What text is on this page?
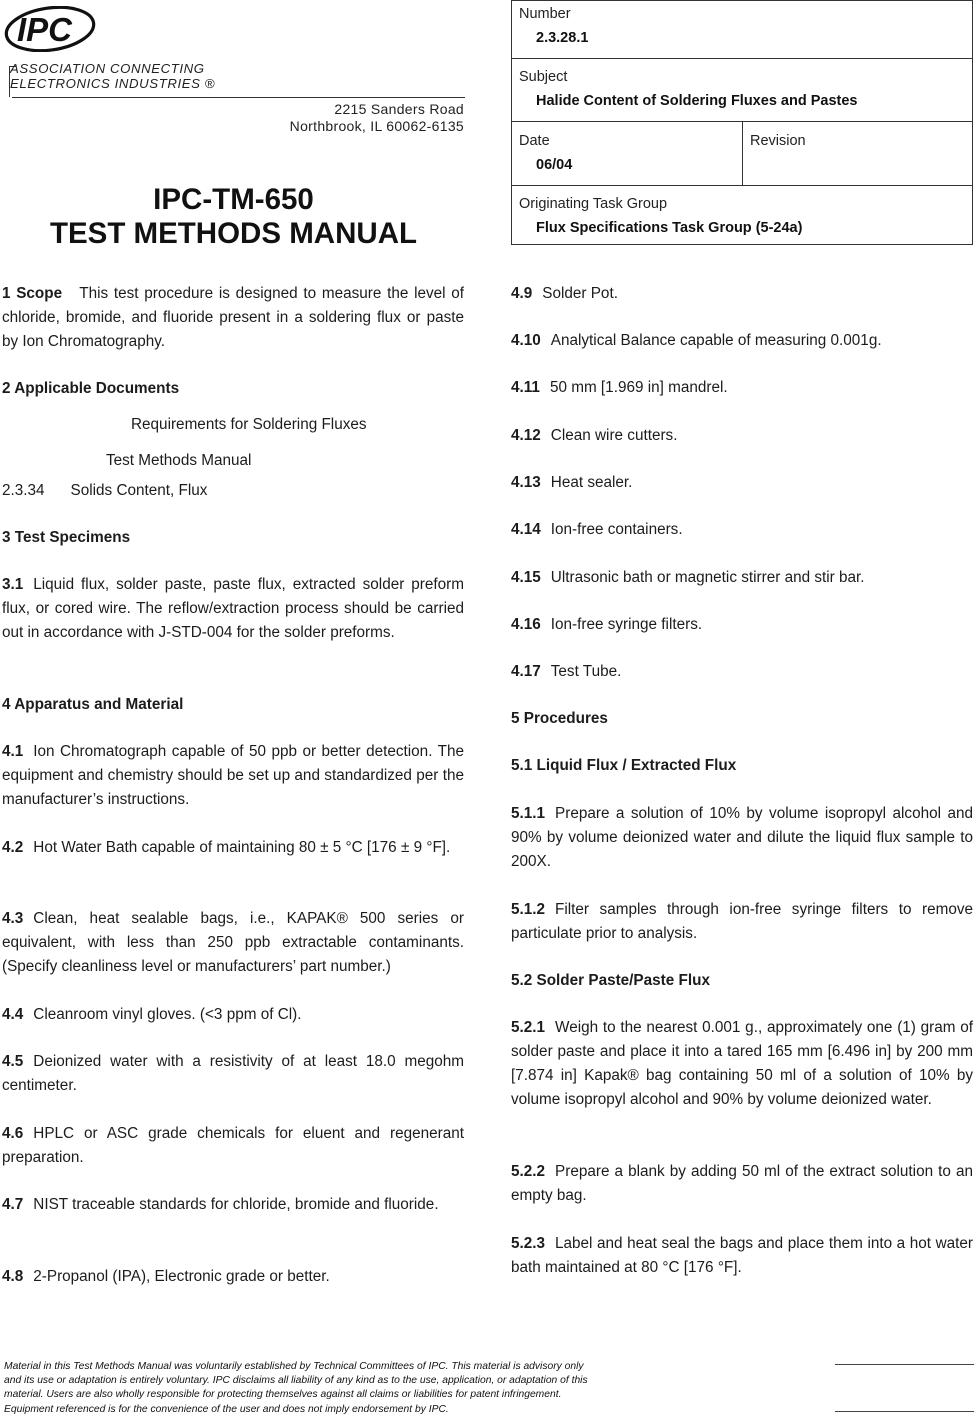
IPC
ASSOCIATION CONNECTING
ELECTRONICS INDUSTRIES ®
2215 Sanders Road
Northbrook, IL 60062-6135
IPC-TM-650
TEST METHODS MANUAL
Number
2.3.28.1
Subject
Halide Content of Soldering Fluxes and Pastes
Date
06/04
Revision
Originating Task Group
Flux Specifications Task Group (5-24a)

1 Scope This test procedure is designed to measure the level of chloride, bromide, and fluoride present in a soldering flux or paste by Ion Chromatography.

2 Applicable Documents
Requirements for Soldering Fluxes
Test Methods Manual
2.3.34 Solids Content, Flux
3 Test Specimens
3.1 Liquid flux, solder paste, paste flux, extracted solder preform flux, or cored wire. The reflow/extraction process should be carried out in accordance with J-STD-004 for the solder preforms.
4 Apparatus and Material
4.1 Ion Chromatograph capable of 50 ppb or better detection. The equipment and chemistry should be set up and standardized per the manufacturer’s instructions.
4.2 Hot Water Bath capable of maintaining 80 ± 5 °C [176 ± 9 °F].
4.3 Clean, heat sealable bags, i.e., KAPAK® 500 series or equivalent, with less than 250 ppb extractable contaminants. (Specify cleanliness level or manufacturers’ part number.)
4.4 Cleanroom vinyl gloves. (<3 ppm of Cl).
4.5 Deionized water with a resistivity of at least 18.0 megohm centimeter.
4.6 HPLC or ASC grade chemicals for eluent and regenerant preparation.
4.7 NIST traceable standards for chloride, bromide and fluoride.
4.8 2-Propanol (IPA), Electronic grade or better.
4.9 Solder Pot.
4.10 Analytical Balance capable of measuring 0.001g.
4.11 50 mm [1.969 in] mandrel.
4.12 Clean wire cutters.
4.13 Heat sealer.
4.14 Ion-free containers.
4.15 Ultrasonic bath or magnetic stirrer and stir bar.
4.16 Ion-free syringe filters.
4.17 Test Tube.
5 Procedures
5.1 Liquid Flux / Extracted Flux
5.1.1 Prepare a solution of 10% by volume isopropyl alcohol and 90% by volume deionized water and dilute the liquid flux sample to 200X.
5.1.2 Filter samples through ion-free syringe filters to remove particulate prior to analysis.
5.2 Solder Paste/Paste Flux
5.2.1 Weigh to the nearest 0.001 g., approximately one (1) gram of solder paste and place it into a tared 165 mm [6.496 in] by 200 mm [7.874 in] Kapak® bag containing 50 ml of a solution of 10% by volume isopropyl alcohol and 90% by volume deionized water.
5.2.2 Prepare a blank by adding 50 ml of the extract solution to an empty bag.
5.2.3 Label and heat seal the bags and place them into a hot water bath maintained at 80 °C [176 °F].
Material in this Test Methods Manual was voluntarily established by Technical Committees of IPC. This material is advisory only
and its use or adaptation is entirely voluntary. IPC disclaims all liability of any kind as to the use, application, or adaptation of this
material. Users are also wholly responsible for protecting themselves against all claims or liabilities for patent infringement.
Equipment referenced is for the convenience of the user and does not imply endorsement by IPC.
